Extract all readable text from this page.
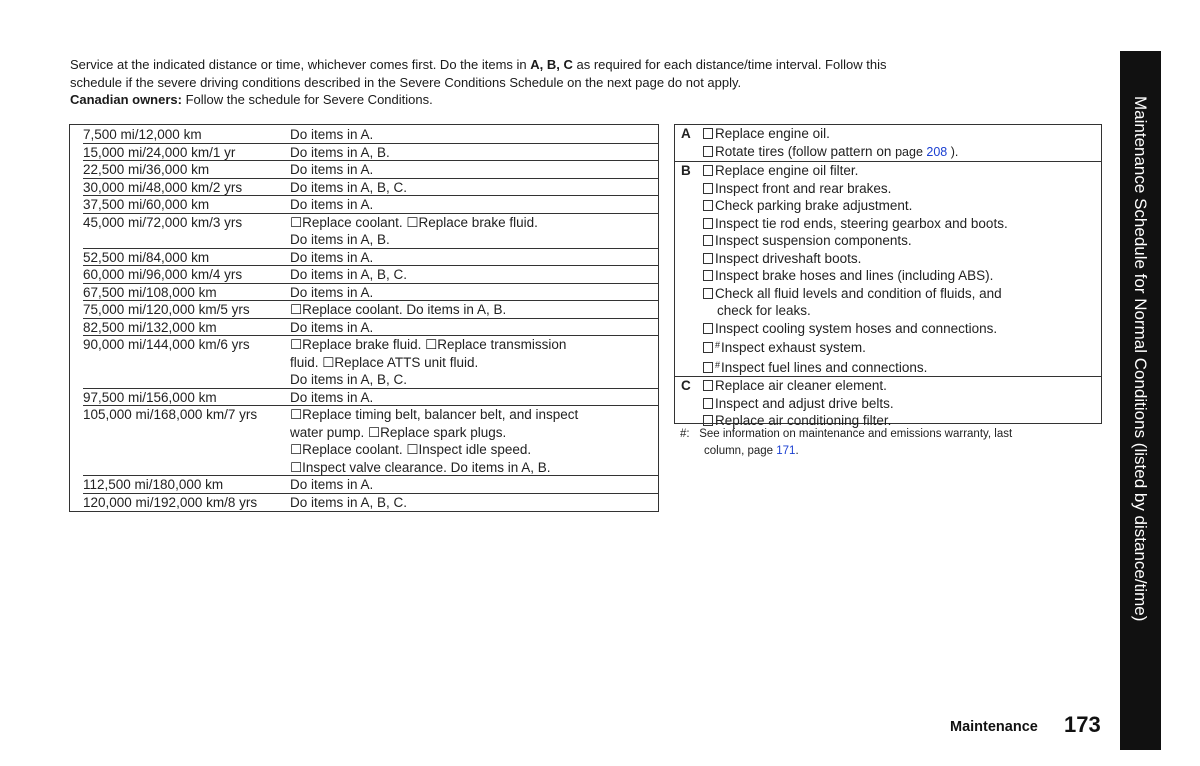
Service at the indicated distance or time, whichever comes first. Do the items in A, B, C as required for each distance/time interval. Follow this

schedule if the severe driving conditions described in the Severe Conditions Schedule on the next page do not apply.

Canadian owners: Follow the schedule for Severe Conditions.

7,500 mi/12,000 km	Do items in A.
15,000 mi/24,000 km/1 yr	Do items in A, B.
22,500 mi/36,000 km	Do items in A.
30,000 mi/48,000 km/2 yrs	Do items in A, B, C.
37,500 mi/60,000 km	Do items in A.
45,000 mi/72,000 km/3 yrs	☐Replace coolant. ☐Replace brake fluid.
Do items in A, B.
52,500 mi/84,000 km	Do items in A.
60,000 mi/96,000 km/4 yrs	Do items in A, B, C.
67,500 mi/108,000 km	Do items in A.
75,000 mi/120,000 km/5 yrs	☐Replace coolant. Do items in A, B.
82,500 mi/132,000 km	Do items in A.
90,000 mi/144,000 km/6 yrs	☐Replace brake fluid. ☐Replace transmission
fluid. ☐Replace ATTS unit fluid.
Do items in A, B, C.
97,500 mi/156,000 km	Do items in A.
105,000 mi/168,000 km/7 yrs	☐Replace timing belt, balancer belt, and inspect
water pump. ☐Replace spark plugs.
☐Replace coolant. ☐Inspect idle speed.
☐Inspect valve clearance. Do items in A, B.
112,500 mi/180,000 km	Do items in A.
120,000 mi/192,000 km/8 yrs	Do items in A, B, C.
A	Replace engine oil.
Rotate tires (follow pattern on page 208 ).
B	Replace engine oil filter.
Inspect front and rear brakes.
Check parking brake adjustment.
Inspect tie rod ends, steering gearbox and boots.
Inspect suspension components.
Inspect driveshaft boots.
Inspect brake hoses and lines (including ABS).
Check all fluid levels and condition of fluids, and
check for leaks.
Inspect cooling system hoses and connections.
#Inspect exhaust system.
#Inspect fuel lines and connections.
C	Replace air cleaner element.
Inspect and adjust drive belts.
Replace air conditioning filter.
#: See information on maintenance and emissions warranty, last
column, page 171.	Maintenance Schedule for Normal Conditions (listed by distance/time)
Maintenance 173
